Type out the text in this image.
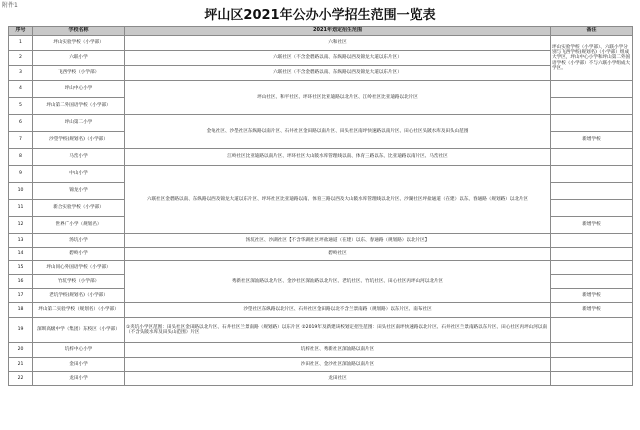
附件1
坪山区2021年公办小学招生范围一览表
序号	学校名称	2021年划定招生范围	备注
1	坪山实验学校（小学部）	六和社区	坪山实验学校（小学部）、六联小学分别与飞西学校(规划名)（小学部）组成大学区，坪山中心小学和坪山第二外国语学校（小学部）不与六联小学组成大学区。
2	六联小学	六联社区（不含金碧路以南、东纵路以西及锦龙大道以东片区）	
3	飞西学校（小学部）	六联社区（不含金碧路以南、东纵路以西及锦龙大道以东片区）	
4	坪山中心小学	坪山社区、和平社区、坪环社区比亚迪路以北片区、江岭社区比亚迪路以北片区	
5	坪山第二外国语学校（小学部）		
6	坪山第二小学	金龟社区、沙壆社区东纵路以南片区、石井社区金田路以南片区、田头社区南坪快速路以南片区、田心社区头陂水库及田头山范围	
7	沙壆学校(规划名)（小学部）		新增学校
8	马峦小学	江岭社区比亚迪路以南片区、坪环社区大山陂水库管理线以南、体育三路以东、比亚迪路以南片区、马峦社区	
9	中山小学	六联社区金碧路以南、东纵路以西及锦龙大道以东片区、坪环社区比亚迪路以南、体育三路以西及大山陂水库管理线以北片区、沙湖社区坪盐通道（在建）以东、春通路（规划路）以北片区	
10	锦龙小学		
11	新合实验学校（小学部）		
12	世界广小学（规划名）		新增学校
13	汤坑小学	汤坑社区、沙湖社区【不含华湖社区坪盐通道（在建）以东、春通路（规划路）以北片区】	
14	碧岭小学	碧岭社区	
15	坪山同心外国语学校（小学部）	秀新社区深汕路以北片区、金沙社区深汕路以北片区、老坑社区、竹坑社区、田心社区丙坪山河以北片区	
16	竹坑学校（小学部）		
17	老坑学校(规划名)（小学部）		新增学校
18	坪山第二实验学校（规划名）（小学部）	沙壆社区东纵路以北片区、石井社区金田路以北不含兰景南路（规划路）以东片区、南布社区	新增学校
19	深圳高级中学（集团）东校区（小学部）	①夹坑小学区范围：田头社区金田路以北片区、石井社区兰景南路（规划路）以东片区 ②2019年及新建该校划定招生范围：田头社区南坪快速路以北片区、石井社区兰景南路以东片区、田心社区丙坪山河以南（不含头陂水库及田头山范围）片区	
20	坑梓中心小学	坑梓社区、秀新社区深汕路以南片区	
21	金田小学	沙田社区、金沙社区深汕路以南片区	
22	龙田小学	龙田社区	
